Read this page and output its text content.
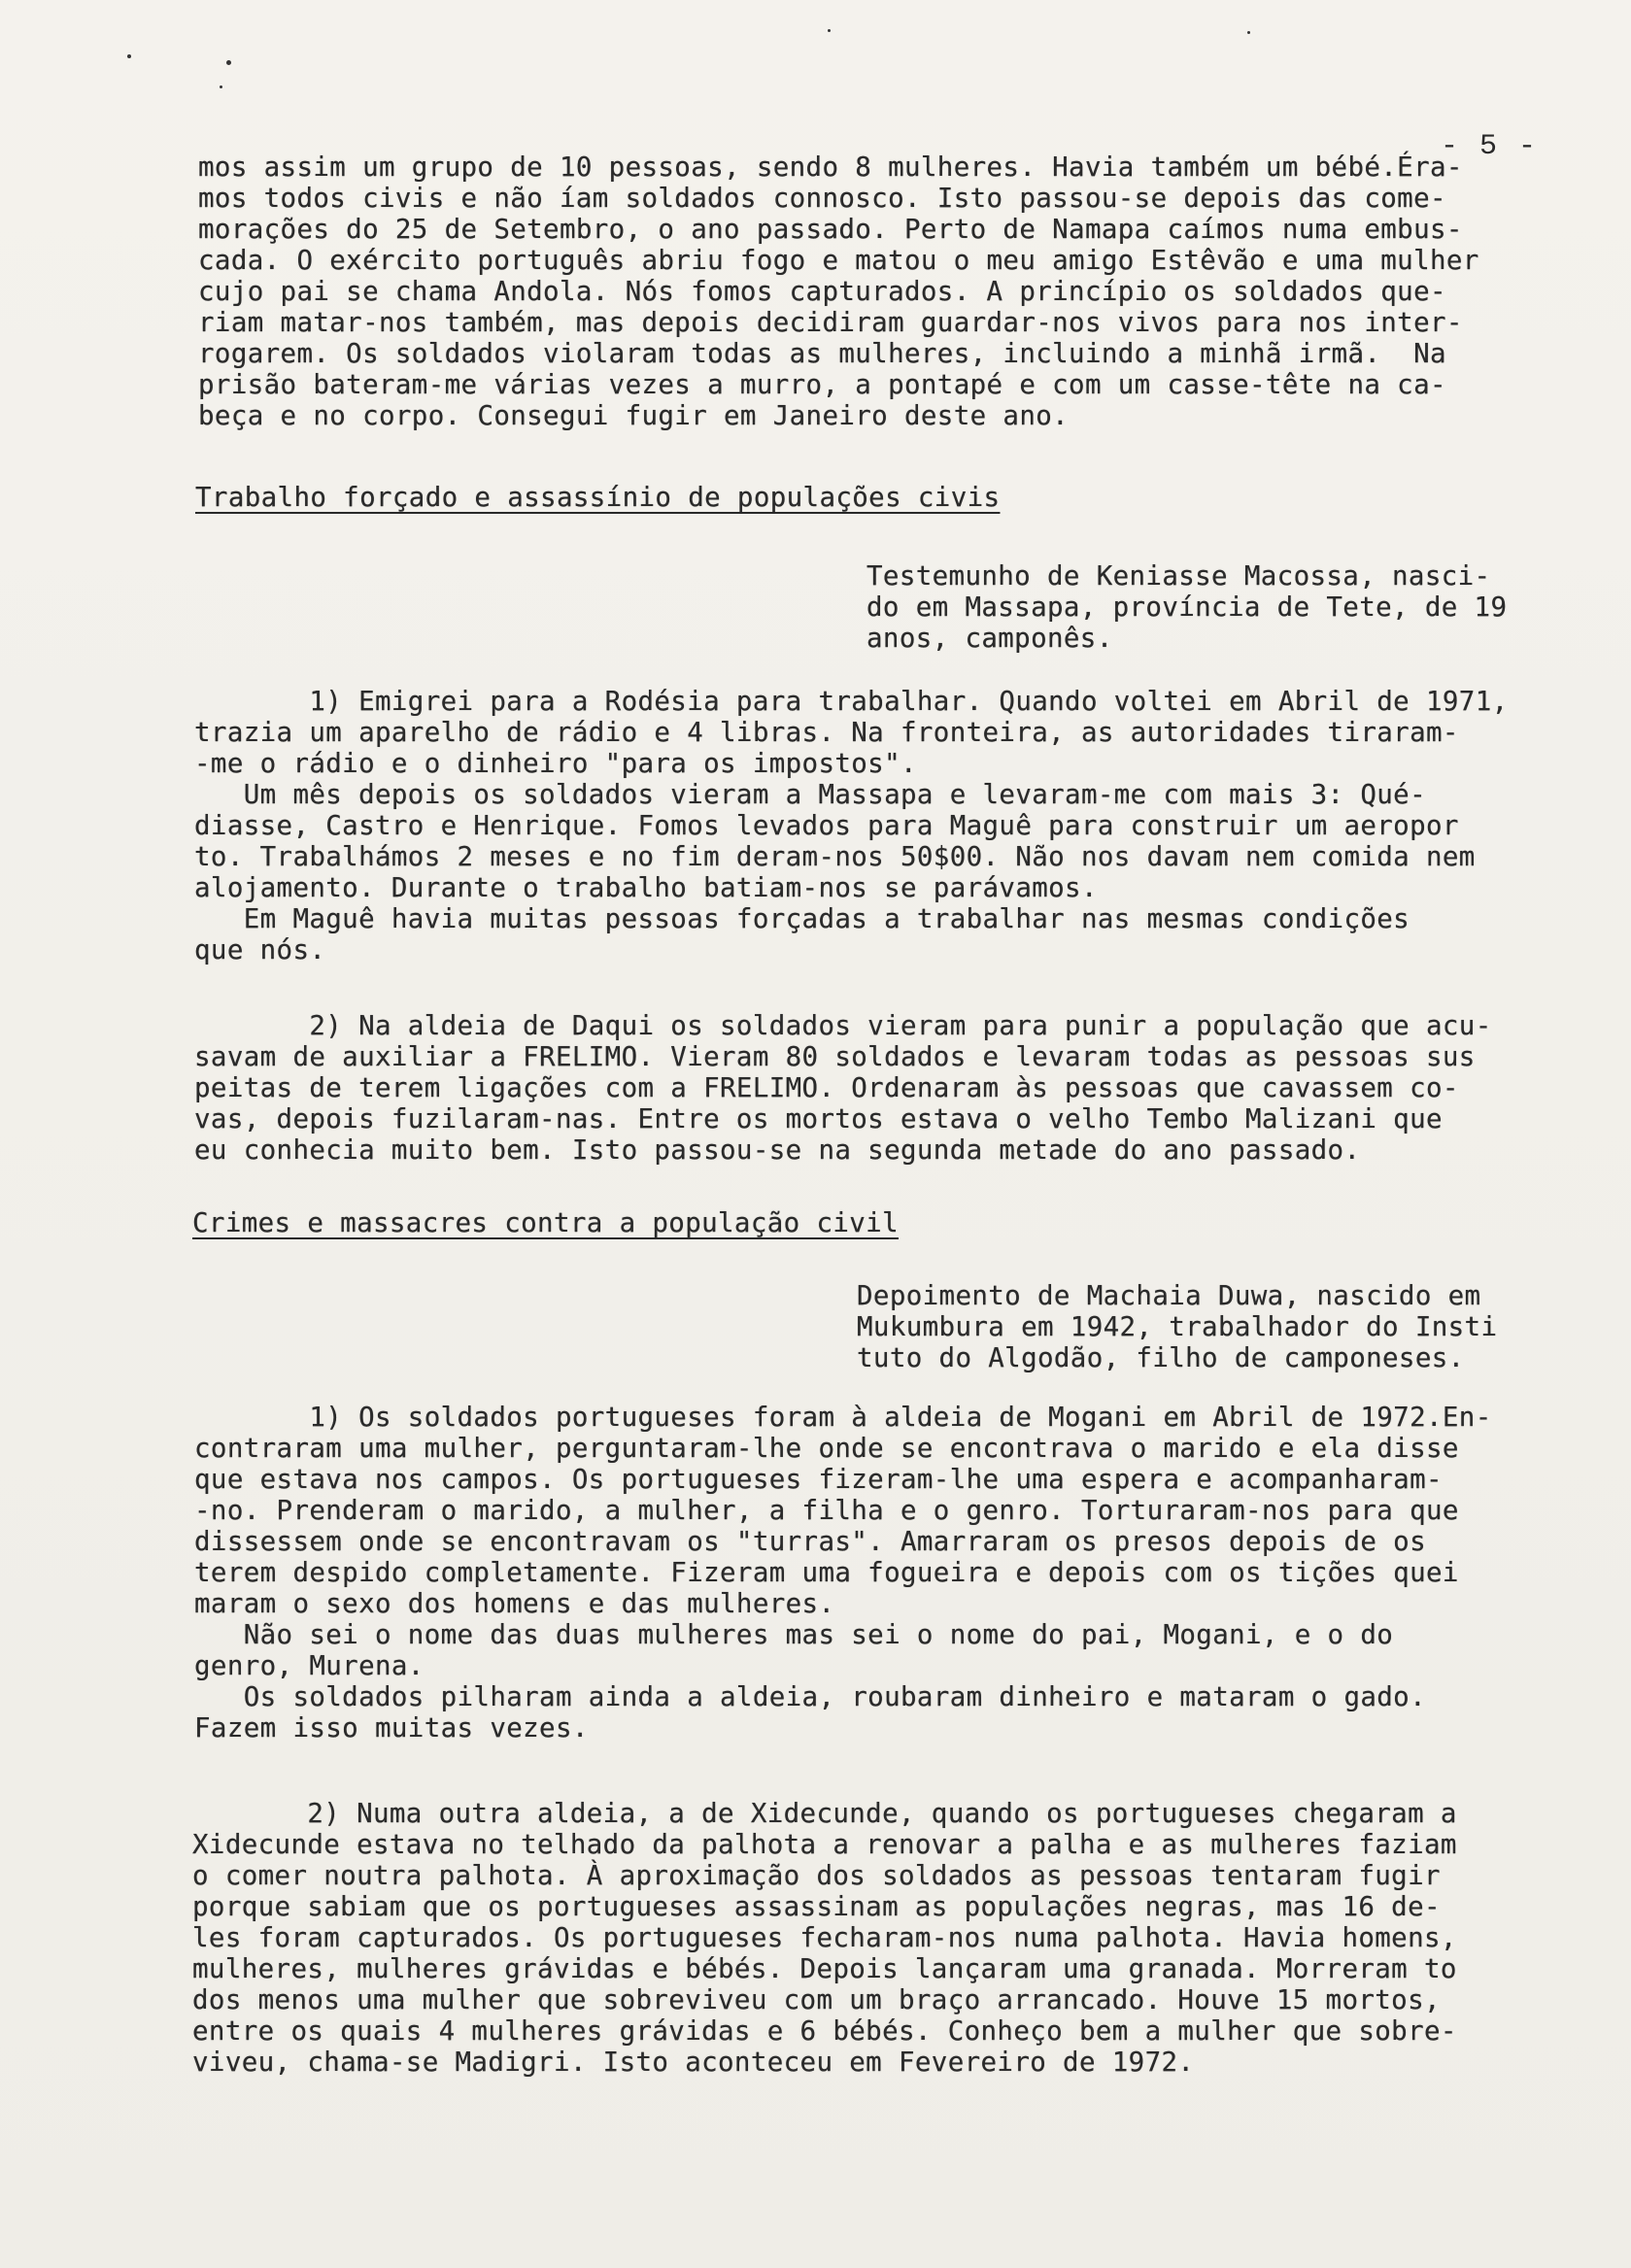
- 5 -
mos assim um grupo de 10 pessoas, sendo 8 mulheres. Havia também um bébé.Éra-
mos todos civis e não íam soldados connosco. Isto passou-se depois das come-
morações do 25 de Setembro, o ano passado. Perto de Namapa caímos numa embus-
cada. O exército português abriu fogo e matou o meu amigo Estêvão e uma mulher
cujo pai se chama Andola. Nós fomos capturados. A princípio os soldados que-
riam matar-nos também, mas depois decidiram guardar-nos vivos para nos inter-
rogarem. Os soldados violaram todas as mulheres, incluindo a minhã irmã.  Na
prisão bateram-me várias vezes a murro, a pontapé e com um casse-tête na ca-
beça e no corpo. Consegui fugir em Janeiro deste ano.
Trabalho forçado e assassínio de populações civis
Testemunho de Keniasse Macossa, nasci-
do em Massapa, província de Tete, de 19
anos, camponês.
1) Emigrei para a Rodésia para trabalhar. Quando voltei em Abril de 1971,
trazia um aparelho de rádio e 4 libras. Na fronteira, as autoridades tiraram-
-me o rádio e o dinheiro "para os impostos".
Um mês depois os soldados vieram a Massapa e levaram-me com mais 3: Qué-
diasse, Castro e Henrique. Fomos levados para Maguê para construir um aeropor
to. Trabalhámos 2 meses e no fim deram-nos 50$00. Não nos davam nem comida nem
alojamento. Durante o trabalho batiam-nos se parávamos.
Em Maguê havia muitas pessoas forçadas a trabalhar nas mesmas condições
que nós.
2) Na aldeia de Daqui os soldados vieram para punir a população que acu-
savam de auxiliar a FRELIMO. Vieram 80 soldados e levaram todas as pessoas sus
peitas de terem ligações com a FRELIMO. Ordenaram às pessoas que cavassem co-
vas, depois fuzilaram-nas. Entre os mortos estava o velho Tembo Malizani que
eu conhecia muito bem. Isto passou-se na segunda metade do ano passado.
Crimes e massacres contra a população civil
Depoimento de Machaia Duwa, nascido em
Mukumbura em 1942, trabalhador do Insti
tuto do Algodão, filho de camponeses.
1) Os soldados portugueses foram à aldeia de Mogani em Abril de 1972.En-
contraram uma mulher, perguntaram-lhe onde se encontrava o marido e ela disse
que estava nos campos. Os portugueses fizeram-lhe uma espera e acompanharam-
-no. Prenderam o marido, a mulher, a filha e o genro. Torturaram-nos para que
dissessem onde se encontravam os "turras". Amarraram os presos depois de os
terem despido completamente. Fizeram uma fogueira e depois com os tições quei
maram o sexo dos homens e das mulheres.
Não sei o nome das duas mulheres mas sei o nome do pai, Mogani, e o do
genro, Murena.
Os soldados pilharam ainda a aldeia, roubaram dinheiro e mataram o gado.
Fazem isso muitas vezes.
2) Numa outra aldeia, a de Xidecunde, quando os portugueses chegaram a
Xidecunde estava no telhado da palhota a renovar a palha e as mulheres faziam
o comer noutra palhota. À aproximação dos soldados as pessoas tentaram fugir
porque sabiam que os portugueses assassinam as populações negras, mas 16 de-
les foram capturados. Os portugueses fecharam-nos numa palhota. Havia homens,
mulheres, mulheres grávidas e bébés. Depois lançaram uma granada. Morreram to
dos menos uma mulher que sobreviveu com um braço arrancado. Houve 15 mortos,
entre os quais 4 mulheres grávidas e 6 bébés. Conheço bem a mulher que sobre-
viveu, chama-se Madigri. Isto aconteceu em Fevereiro de 1972.
